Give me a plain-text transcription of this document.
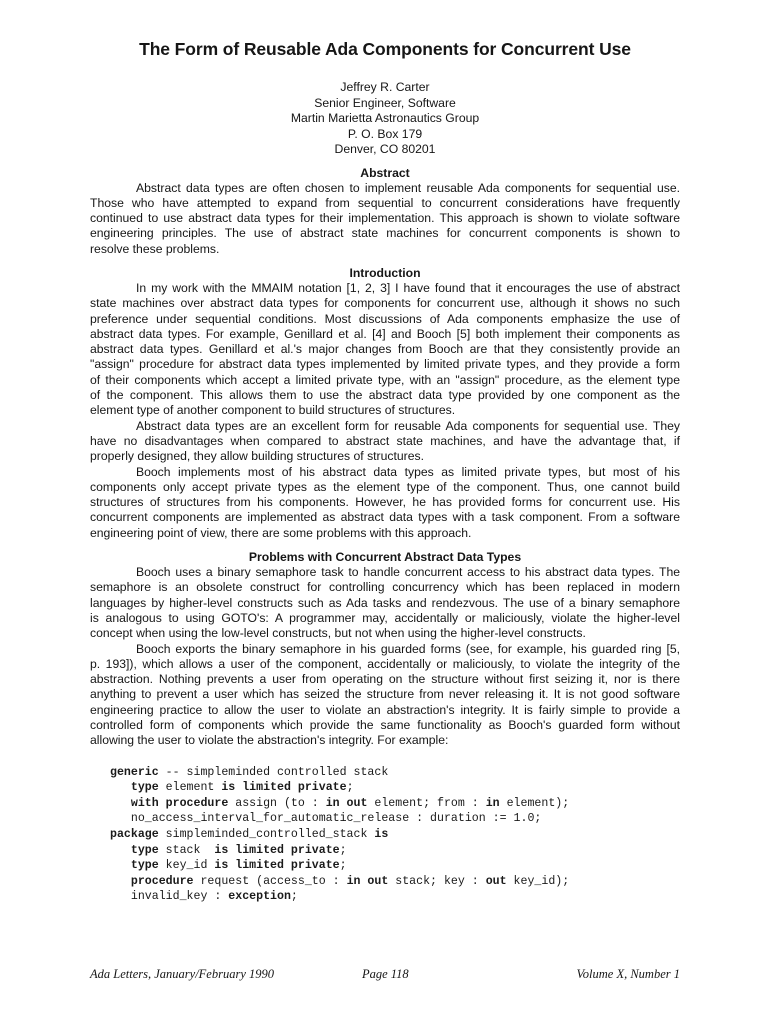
The Form of Reusable Ada Components for Concurrent Use
Jeffrey R. Carter
Senior Engineer, Software
Martin Marietta Astronautics Group
P. O. Box 179
Denver, CO 80201
Abstract
Abstract data types are often chosen to implement reusable Ada components for sequential use.
Those who have attempted to expand from sequential to concurrent considerations have frequently
continued to use abstract data types for their implementation. This approach is shown to violate software
engineering principles. The use of abstract state machines for concurrent components is shown to
resolve these problems.
Introduction
In my work with the MMAIM notation [1, 2, 3] I have found that it encourages the use of abstract
state machines over abstract data types for components for concurrent use, although it shows no such
preference under sequential conditions. Most discussions of Ada components emphasize the use of
abstract data types. For example, Genillard et al. [4] and Booch [5] both implement their components as
abstract data types. Genillard et al.'s major changes from Booch are that they consistently provide an
"assign" procedure for abstract data types implemented by limited private types, and they provide a form
of their components which accept a limited private type, with an "assign" procedure, as the element type
of the component. This allows them to use the abstract data type provided by one component as the
element type of another component to build structures of structures.
Abstract data types are an excellent form for reusable Ada components for sequential use. They
have no disadvantages when compared to abstract state machines, and have the advantage that, if
properly designed, they allow building structures of structures.
Booch implements most of his abstract data types as limited private types, but most of his
components only accept private types as the element type of the component. Thus, one cannot build
structures of structures from his components. However, he has provided forms for concurrent use. His
concurrent components are implemented as abstract data types with a task component. From a software
engineering point of view, there are some problems with this approach.
Problems with Concurrent Abstract Data Types
Booch uses a binary semaphore task to handle concurrent access to his abstract data types. The
semaphore is an obsolete construct for controlling concurrency which has been replaced in modern
languages by higher-level constructs such as Ada tasks and rendezvous. The use of a binary semaphore
is analogous to using GOTO's: A programmer may, accidentally or maliciously, violate the higher-level
concept when using the low-level constructs, but not when using the higher-level constructs.
Booch exports the binary semaphore in his guarded forms (see, for example, his guarded ring [5,
p. 193]), which allows a user of the component, accidentally or maliciously, to violate the integrity of the
abstraction. Nothing prevents a user from operating on the structure without first seizing it, nor is there
anything to prevent a user which has seized the structure from never releasing it. It is not good software
engineering practice to allow the user to violate an abstraction's integrity. It is fairly simple to provide a
controlled form of components which provide the same functionality as Booch's guarded form without
allowing the user to violate the abstraction's integrity. For example:
generic -- simpleminded controlled stack
type element is limited private;
with procedure assign (to : in out element; from : in element);
no_access_interval_for_automatic_release : duration := 1.0;
package simpleminded_controlled_stack is
type stack  is limited private;
type key_id is limited private;
procedure request (access_to : in out stack; key : out key_id);
invalid_key : exception;
Ada Letters, January/February 1990	Page 118	Volume X, Number 1
